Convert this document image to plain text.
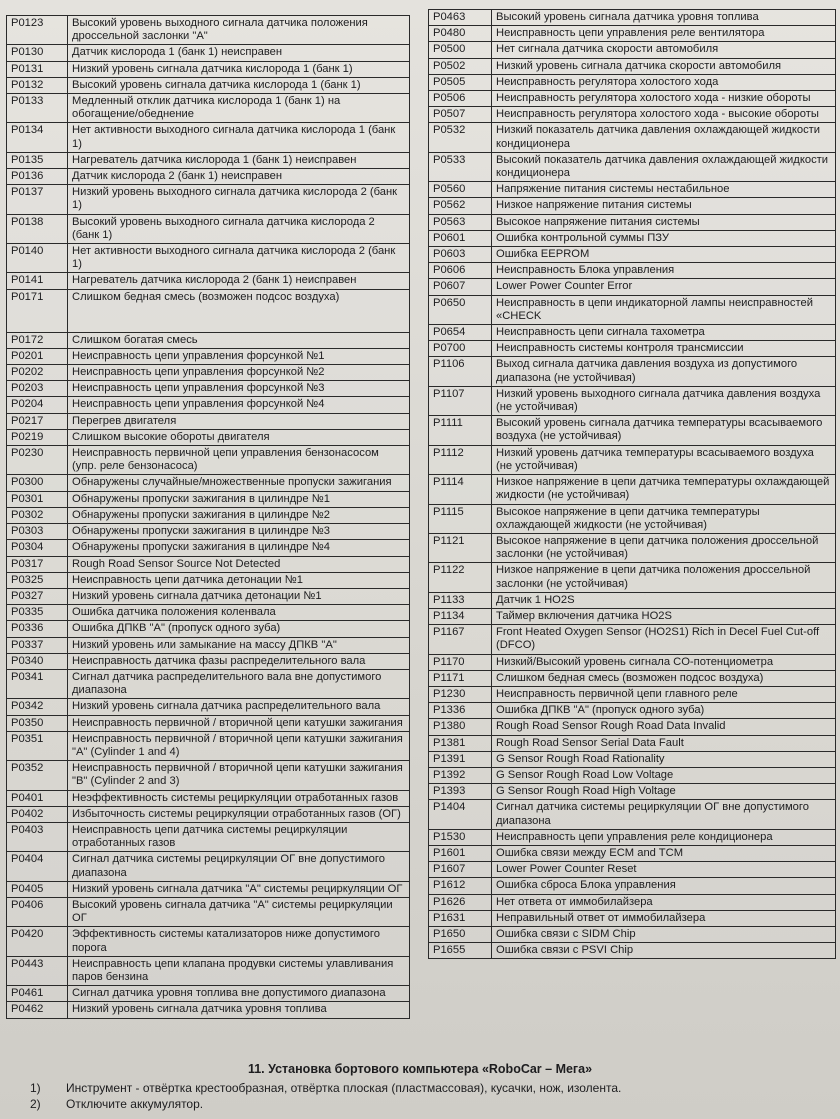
P0123	Высокий уровень выходного сигнала датчика положения дроссельной заслонки "А"
P0130	Датчик кислорода 1 (банк 1) неисправен
P0131	Низкий уровень сигнала датчика кислорода 1 (банк 1)
P0132	Высокий уровень сигнала датчика кислорода 1 (банк 1)
P0133	Медленный отклик датчика кислорода 1 (банк 1) на обогащение/обеднение
P0134	Нет активности выходного сигнала датчика кислорода 1 (банк 1)
P0135	Нагреватель датчика кислорода 1 (банк 1) неисправен
P0136	Датчик кислорода 2 (банк 1) неисправен
P0137	Низкий уровень выходного сигнала датчика кислорода 2 (банк 1)
P0138	Высокий уровень выходного сигнала датчика кислорода 2 (банк 1)
P0140	Нет активности выходного сигнала датчика кислорода 2 (банк 1)
P0141	Нагреватель датчика кислорода 2 (банк 1) неисправен
P0171	Слишком бедная смесь (возможен подсос воздуха)
P0172	Слишком богатая смесь
P0201	Неисправность цепи управления форсункой №1
P0202	Неисправность цепи управления форсункой №2
P0203	Неисправность цепи управления форсункой №3
P0204	Неисправность цепи управления форсункой №4
P0217	Перегрев двигателя
P0219	Слишком высокие обороты двигателя
P0230	Неисправность первичной цепи управления бензонасосом (упр. реле бензонасоса)
P0300	Обнаружены случайные/множественные пропуски зажигания
P0301	Обнаружены пропуски зажигания в цилиндре №1
P0302	Обнаружены пропуски зажигания в цилиндре №2
P0303	Обнаружены пропуски зажигания в цилиндре №3
P0304	Обнаружены пропуски зажигания в цилиндре №4
P0317	Rough Road Sensor Source Not Detected
P0325	Неисправность цепи датчика детонации №1
P0327	Низкий уровень сигнала датчика детонации №1
P0335	Ошибка датчика положения коленвала
P0336	Ошибка ДПКВ "А" (пропуск одного зуба)
P0337	Низкий уровень или замыкание на массу ДПКВ "А"
P0340	Неисправность датчика фазы распределительного вала
P0341	Сигнал датчика распределительного вала вне допустимого диапазона
P0342	Низкий уровень сигнала датчика распределительного вала
P0350	Неисправность первичной / вторичной цепи катушки зажигания
P0351	Неисправность первичной / вторичной цепи катушки зажигания "А" (Cylinder 1 and 4)
P0352	Неисправность первичной / вторичной цепи катушки зажигания "В" (Cylinder 2 and 3)
P0401	Неэффективность системы рециркуляции отработанных газов
P0402	Избыточность системы рециркуляции отработанных газов (ОГ)
P0403	Неисправность цепи датчика системы рециркуляции отработанных газов
P0404	Сигнал датчика системы рециркуляции ОГ вне допустимого диапазона
P0405	Низкий уровень сигнала датчика "А" системы рециркуляции ОГ
P0406	Высокий уровень сигнала датчика "А" системы рециркуляции ОГ
P0420	Эффективность системы катализаторов ниже допустимого порога
P0443	Неисправность цепи клапана продувки системы улавливания паров бензина
P0461	Сигнал датчика уровня топлива вне допустимого диапазона
P0462	Низкий уровень сигнала датчика уровня топлива
P0463	Высокий уровень сигнала датчика уровня топлива
P0480	Неисправность цепи управления реле вентилятора
P0500	Нет сигнала датчика скорости автомобиля
P0502	Низкий уровень сигнала датчика скорости автомобиля
P0505	Неисправность регулятора холостого хода
P0506	Неисправность регулятора холостого хода - низкие обороты
P0507	Неисправность регулятора холостого хода - высокие обороты
P0532	Низкий показатель датчика давления охлаждающей жидкости кондиционера
P0533	Высокий показатель датчика давления охлаждающей жидкости кондиционера
P0560	Напряжение питания системы нестабильное
P0562	Низкое напряжение питания системы
P0563	Высокое напряжение питания системы
P0601	Ошибка контрольной суммы ПЗУ
P0603	Ошибка EEPROM
P0606	Неисправность Блока управления
P0607	Lower Power Counter Error
P0650	Неисправность в цепи индикаторной лампы неисправностей «CHECK
P0654	Неисправность цепи сигнала тахометра
P0700	Неисправность системы контроля трансмиссии
P1106	Выход сигнала датчика давления воздуха из допустимого диапазона (не устойчивая)
P1107	Низкий уровень выходного сигнала датчика давления воздуха (не устойчивая)
P1111	Высокий уровень сигнала датчика температуры всасываемого воздуха (не устойчивая)
P1112	Низкий уровень датчика температуры всасываемого воздуха (не устойчивая)
P1114	Низкое напряжение в цепи датчика температуры охлаждающей жидкости (не устойчивая)
P1115	Высокое напряжение в цепи датчика температуры охлаждающей жидкости (не устойчивая)
P1121	Высокое напряжение в цепи датчика положения дроссельной заслонки (не устойчивая)
P1122	Низкое напряжение в цепи датчика положения дроссельной заслонки (не устойчивая)
P1133	Датчик 1 HO2S
P1134	Таймер включения датчика HO2S
P1167	Front Heated Oxygen Sensor (HO2S1) Rich in Decel Fuel Cut-off (DFCO)
P1170	Низкий/Высокий уровень сигнала CO-потенциометра
P1171	Слишком бедная смесь (возможен подсос воздуха)
P1230	Неисправность первичной цепи главного реле
P1336	Ошибка ДПКВ "А" (пропуск одного зуба)
P1380	Rough Road Sensor Rough Road Data Invalid
P1381	Rough Road Sensor Serial Data Fault
P1391	G Sensor Rough Road Rationality
P1392	G Sensor Rough Road Low Voltage
P1393	G Sensor Rough Road High Voltage
P1404	Сигнал датчика системы рециркуляции ОГ вне допустимого диапазона
P1530	Неисправность цепи управления реле кондиционера
P1601	Ошибка связи между ECM and TCM
P1607	Lower Power Counter Reset
P1612	Ошибка сброса Блока управления
P1626	Нет ответа от иммобилайзера
P1631	Неправильный ответ от иммобилайзера
P1650	Ошибка связи с SIDM Chip
P1655	Ошибка связи с PSVI Chip
11. Установка бортового компьютера «RoboCar – Мега»
1)	Инструмент - отвёртка крестообразная, отвёртка плоская (пластмассовая), кусачки, нож, изолента.
2)	Отключите аккумулятор.
